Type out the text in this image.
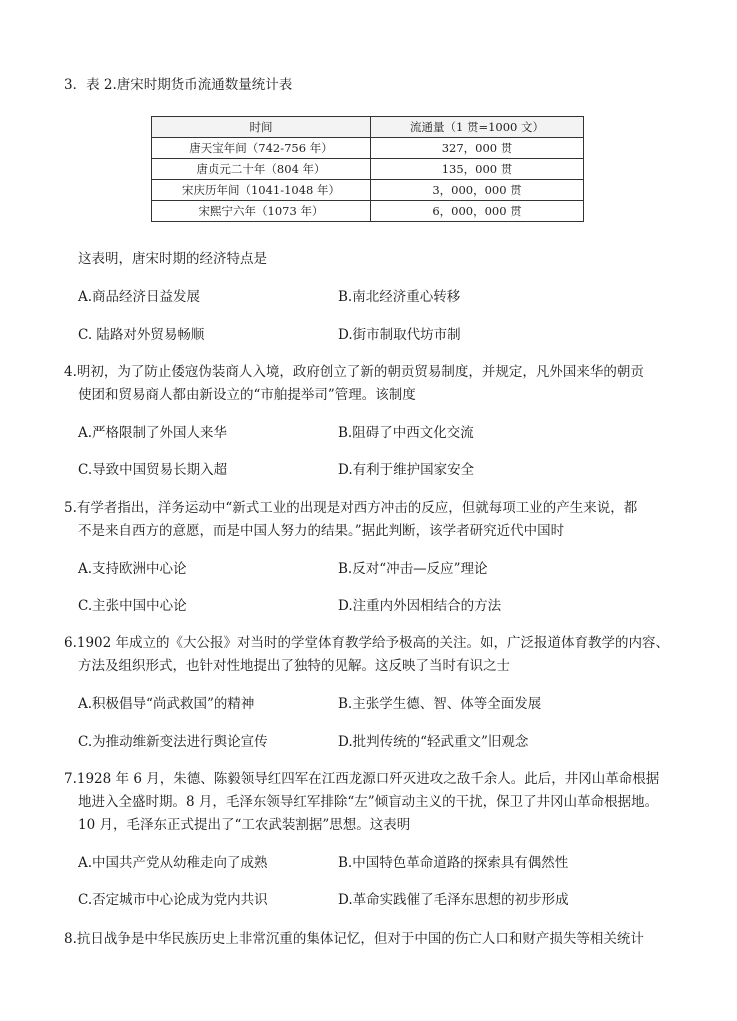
3．表 2.唐宋时期货币流通数量统计表
时间	流通量（1 贯=1000 文）
唐天宝年间（742-756 年）	327，000 贯
唐贞元二十年（804 年）	135，000 贯
宋庆历年间（1041-1048 年）	3，000，000 贯
宋熙宁六年（1073 年）	6，000，000 贯
这表明，唐宋时期的经济特点是
A.商品经济日益发展	B.南北经济重心转移
C. 陆路对外贸易畅顺	D.街市制取代坊市制
4.明初，为了防止倭寇伪装商人入境，政府创立了新的朝贡贸易制度，并规定，凡外国来华的朝贡
使团和贸易商人都由新设立的“市舶提举司”管理。该制度
A.严格限制了外国人来华	B.阻碍了中西文化交流
C.导致中国贸易长期入超	D.有利于维护国家安全
5.有学者指出，洋务运动中“新式工业的出现是对西方冲击的反应，但就每项工业的产生来说，都
不是来自西方的意愿，而是中国人努力的结果。”据此判断，该学者研究近代中国时
A.支持欧洲中心论	B.反对“冲击—反应”理论
C.主张中国中心论	D.注重内外因相结合的方法
6.1902 年成立的《大公报》对当时的学堂体育教学给予极高的关注。如，广泛报道体育教学的内容、
方法及组织形式，也针对性地提出了独特的见解。这反映了当时有识之士
A.积极倡导“尚武救国”的精神	B.主张学生德、智、体等全面发展
C.为推动维新变法进行舆论宣传	D.批判传统的“轻武重文”旧观念
7.1928 年 6 月，朱德、陈毅领导红四军在江西龙源口歼灭进攻之敌千余人。此后，井冈山革命根据
地进入全盛时期。8 月，毛泽东领导红军排除“左”倾盲动主义的干扰，保卫了井冈山革命根据地。
10 月，毛泽东正式提出了“工农武装割据”思想。这表明
A.中国共产党从幼稚走向了成熟	B.中国特色革命道路的探索具有偶然性
C.否定城市中心论成为党内共识	D.革命实践催了毛泽东思想的初步形成
8.抗日战争是中华民族历史上非常沉重的集体记忆，但对于中国的伤亡人口和财产损失等相关统计
